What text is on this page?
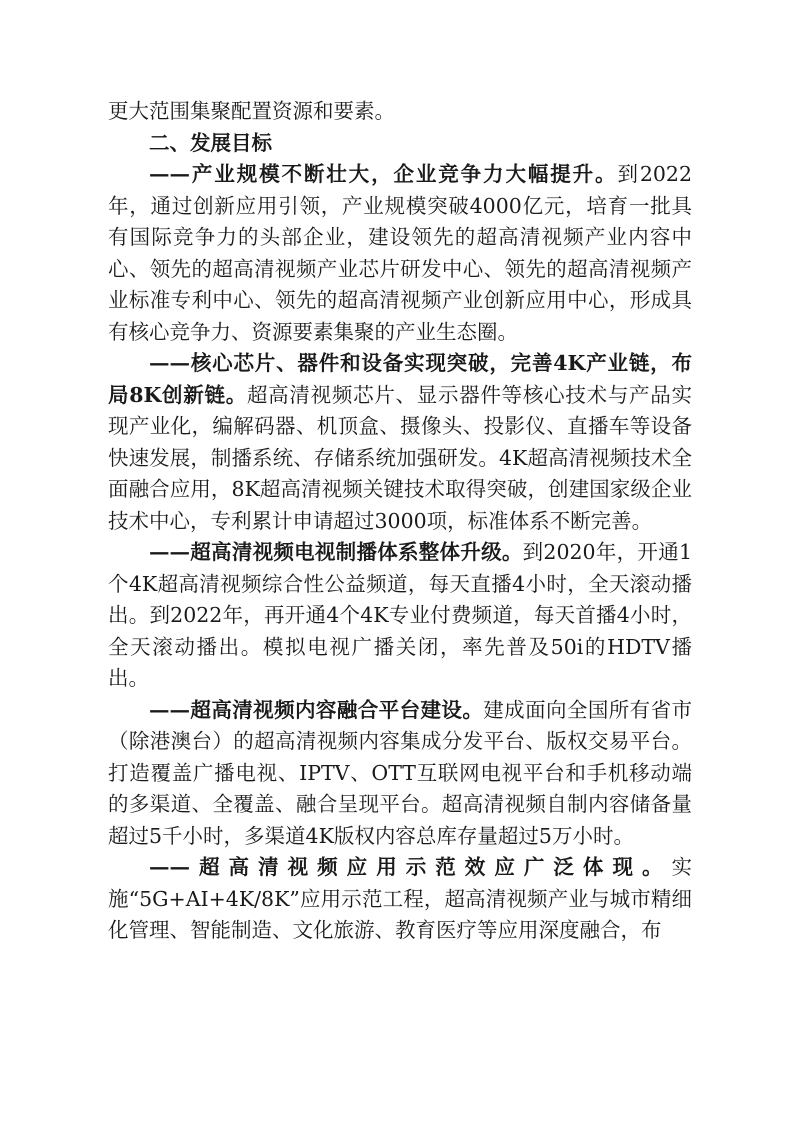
更大范围集聚配置资源和要素。

二、发展目标

——产业规模不断壮大，企业竞争力大幅提升。到2022年，通过创新应用引领，产业规模突破4000亿元，培育一批具有国际竞争力的头部企业，建设领先的超高清视频产业内容中心、领先的超高清视频产业芯片研发中心、领先的超高清视频产业标准专利中心、领先的超高清视频产业创新应用中心，形成具有核心竞争力、资源要素集聚的产业生态圈。

——核心芯片、器件和设备实现突破，完善4K产业链，布局8K创新链。超高清视频芯片、显示器件等核心技术与产品实现产业化，编解码器、机顶盒、摄像头、投影仪、直播车等设备快速发展，制播系统、存储系统加强研发。4K超高清视频技术全面融合应用，8K超高清视频关键技术取得突破，创建国家级企业技术中心，专利累计申请超过3000项，标准体系不断完善。

——超高清视频电视制播体系整体升级。到2020年，开通1个4K超高清视频综合性公益频道，每天直播4小时，全天滚动播出。到2022年，再开通4个4K专业付费频道，每天首播4小时，全天滚动播出。模拟电视广播关闭，率先普及50i的HDTV播出。

——超高清视频内容融合平台建设。建成面向全国所有省市（除港澳台）的超高清视频内容集成分发平台、版权交易平台。打造覆盖广播电视、IPTV、OTT互联网电视平台和手机移动端的多渠道、全覆盖、融合呈现平台。超高清视频自制内容储备量超过5千小时，多渠道4K版权内容总库存量超过5万小时。

——超高清视频应用示范效应广泛体现。实施“5G+AI+4K/8K”应用示范工程，超高清视频产业与城市精细化管理、智能制造、文化旅游、教育医疗等应用深度融合，布
